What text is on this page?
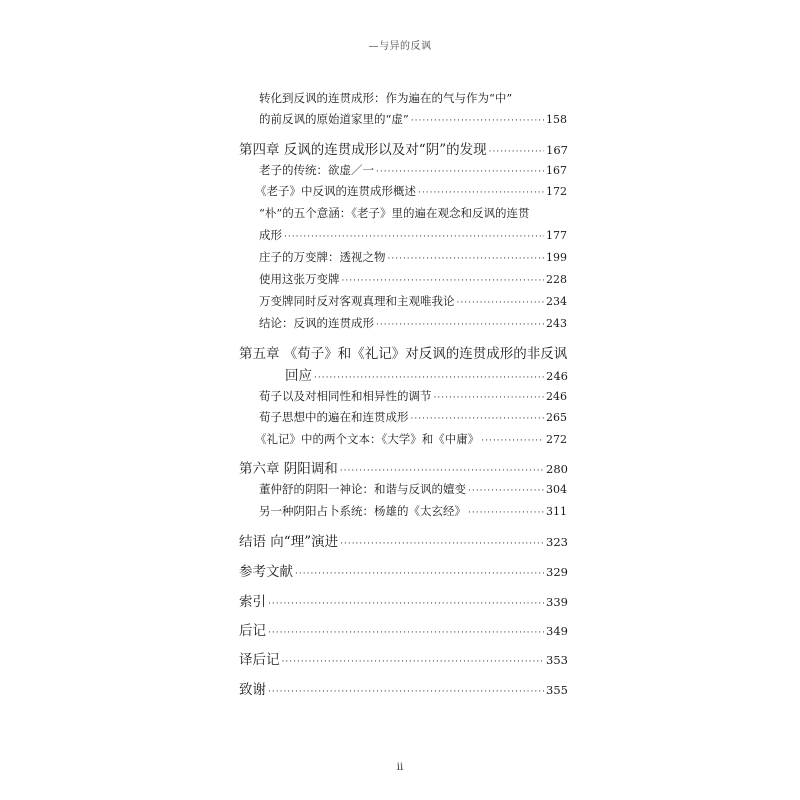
—与异的反讽
转化到反讽的连贯成形：作为遍在的气与作为“中”
的前反讽的原始道家里的“虚” ·····	158
第四章 反讽的连贯成形以及对“阴”的发现 ·····	167
老子的传统：欲虚／一 ·····	167
《老子》中反讽的连贯成形概述 ·····	172
“朴”的五个意涵：《老子》里的遍在观念和反讽的连贯
成形 ·····	177
庄子的万变牌：透视之物 ·····	199
使用这张万变牌 ·····	228
万变牌同时反对客观真理和主观唯我论 ·····	234
结论：反讽的连贯成形 ·····	243
第五章 《荀子》和《礼记》对反讽的连贯成形的非反讽
回应 ·····	246
荀子以及对相同性和相异性的调节 ·····	246
荀子思想中的遍在和连贯成形 ·····	265
《礼记》中的两个文本：《大学》和《中庸》 ·····	272
第六章 阴阳调和 ·····	280
董仲舒的阴阳一神论：和谐与反讽的嬗变 ·····	304
另一种阴阳占卜系统：杨雄的《太玄经》 ·····	311
结语 向“理”演进 ·····	323
参考文献 ·····	329
索引 ·····	339
后记 ·····	349
译后记 ·····	353
致谢 ·····	355
ii
